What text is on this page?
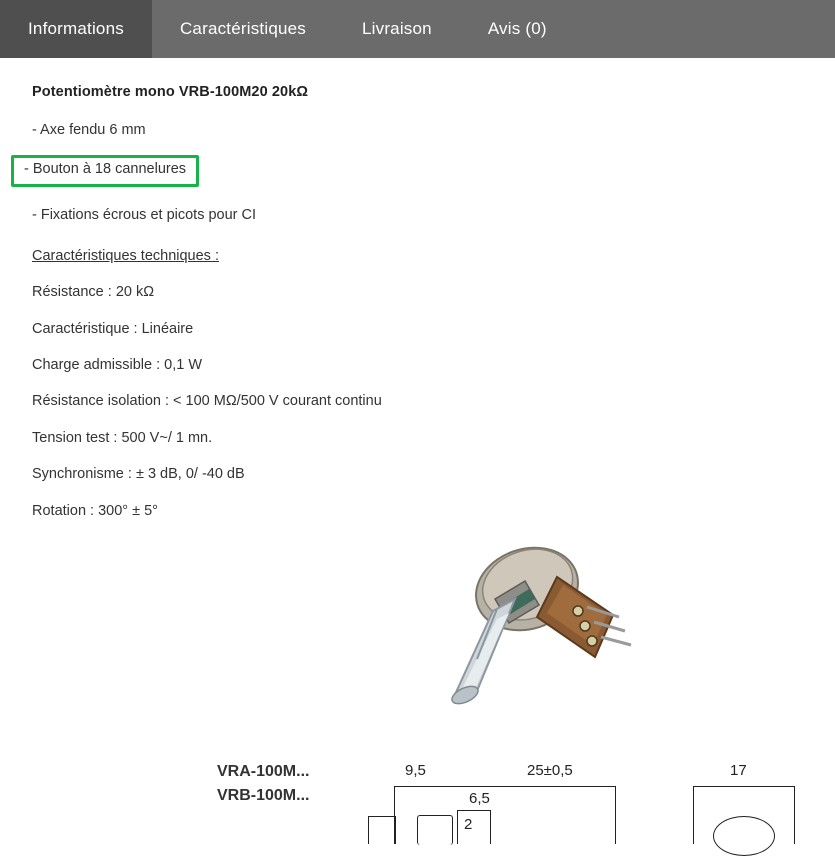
Informations	Caractéristiques	Livraison	Avis (0)
Potentiomètre mono VRB-100M20 20kΩ
- Axe fendu 6 mm
- Bouton à 18 cannelures
- Fixations écrous et picots pour CI
Caractéristiques techniques :
Résistance : 20 kΩ
Caractéristique : Linéaire
Charge admissible : 0,1 W
Résistance isolation : < 100 MΩ/500 V courant continu
Tension test : 500 V~/ 1 mn.
Synchronisme : ± 3 dB, 0/ -40 dB
Rotation : 300° ± 5°
VRA-100M...
VRB-100M...
9,5	25±0,5	17
6,5
2
